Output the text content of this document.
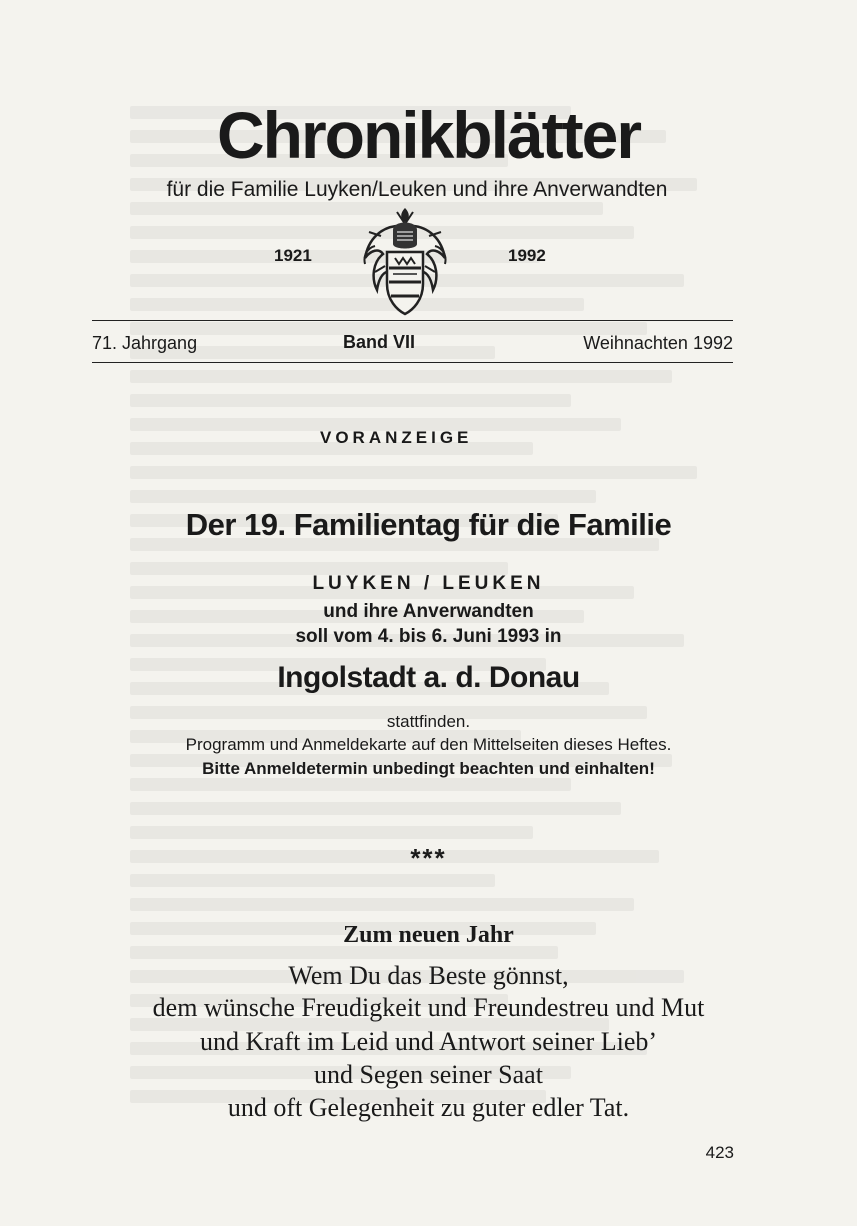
Chronikblätter
für die Familie Luyken/Leuken und ihre Anverwandten
1921	1992
71. Jahrgang	Band VII	Weihnachten 1992
VORANZEIGE
Der 19. Familientag für die Familie
LUYKEN / LEUKEN
und ihre Anverwandten
soll vom 4. bis 6. Juni 1993 in
Ingolstadt a. d. Donau
stattfinden.
Programm und Anmeldekarte auf den Mittelseiten dieses Heftes.
Bitte Anmeldetermin unbedingt beachten und einhalten!
***
Zum neuen Jahr
Wem Du das Beste gönnst,
dem wünsche Freudigkeit und Freundestreu und Mut
und Kraft im Leid und Antwort seiner Lieb’
und Segen seiner Saat
und oft Gelegenheit zu guter edler Tat.
423
